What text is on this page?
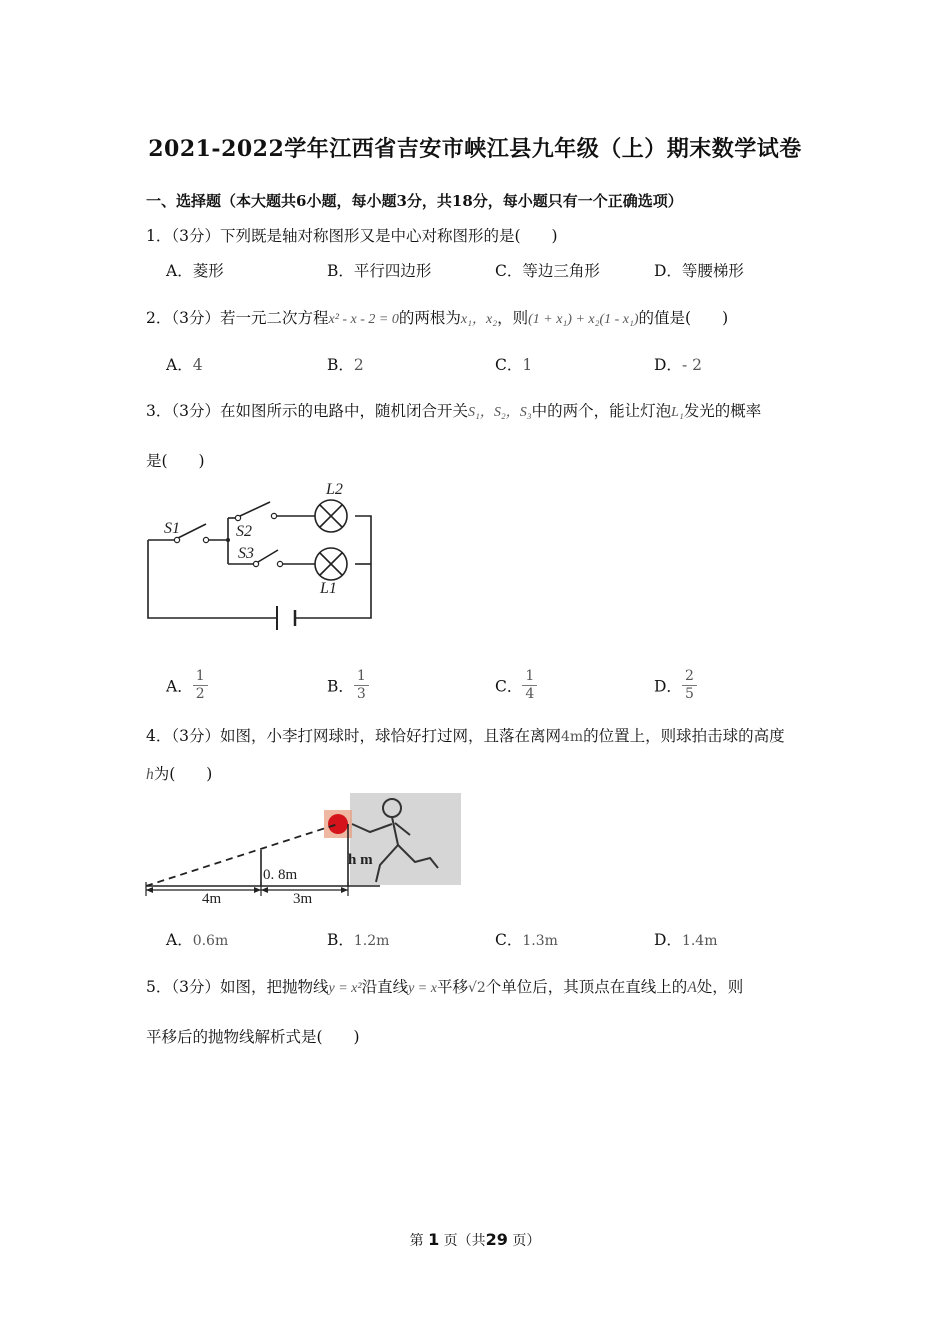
2021-2022学年江西省吉安市峡江县九年级（上）期末数学试卷
一、选择题（本大题共6小题，每小题3分，共18分，每小题只有一个正确选项）
1．（3分）下列既是轴对称图形又是中心对称图形的是(　　)
A．菱形	B．平行四边形	C．等边三角形	D．等腰梯形
2．（3分）若一元二次方程x² - x - 2 = 0的两根为x₁，x₂，则(1 + x₁) + x₂(1 - x₁)的值是(　　)
A．4	B．2	C．1	D．- 2
3．（3分）在如图所示的电路中，随机闭合开关S₁，S₂，S₃中的两个，能让灯泡L₁发光的概率
是(　　)
S1	S2
S3
L2
L1
A． $\frac{1}{2}$	B． $\frac{1}{3}$	C． $\frac{1}{4}$	D． $\frac{2}{5}$
4．（3分）如图，小李打网球时，球恰好打过网，且落在离网4m的位置上，则球拍击球的高度
h为(　　)
0. 8m
4m	3m
h m
A．0.6m	B．1.2m	C．1.3m	D．1.4m
5．（3分）如图，把抛物线y = x²沿直线y = x平移√2个单位后，其顶点在直线上的A处，则
平移后的抛物线解析式是(　　)
第 1 页（共29 页）
